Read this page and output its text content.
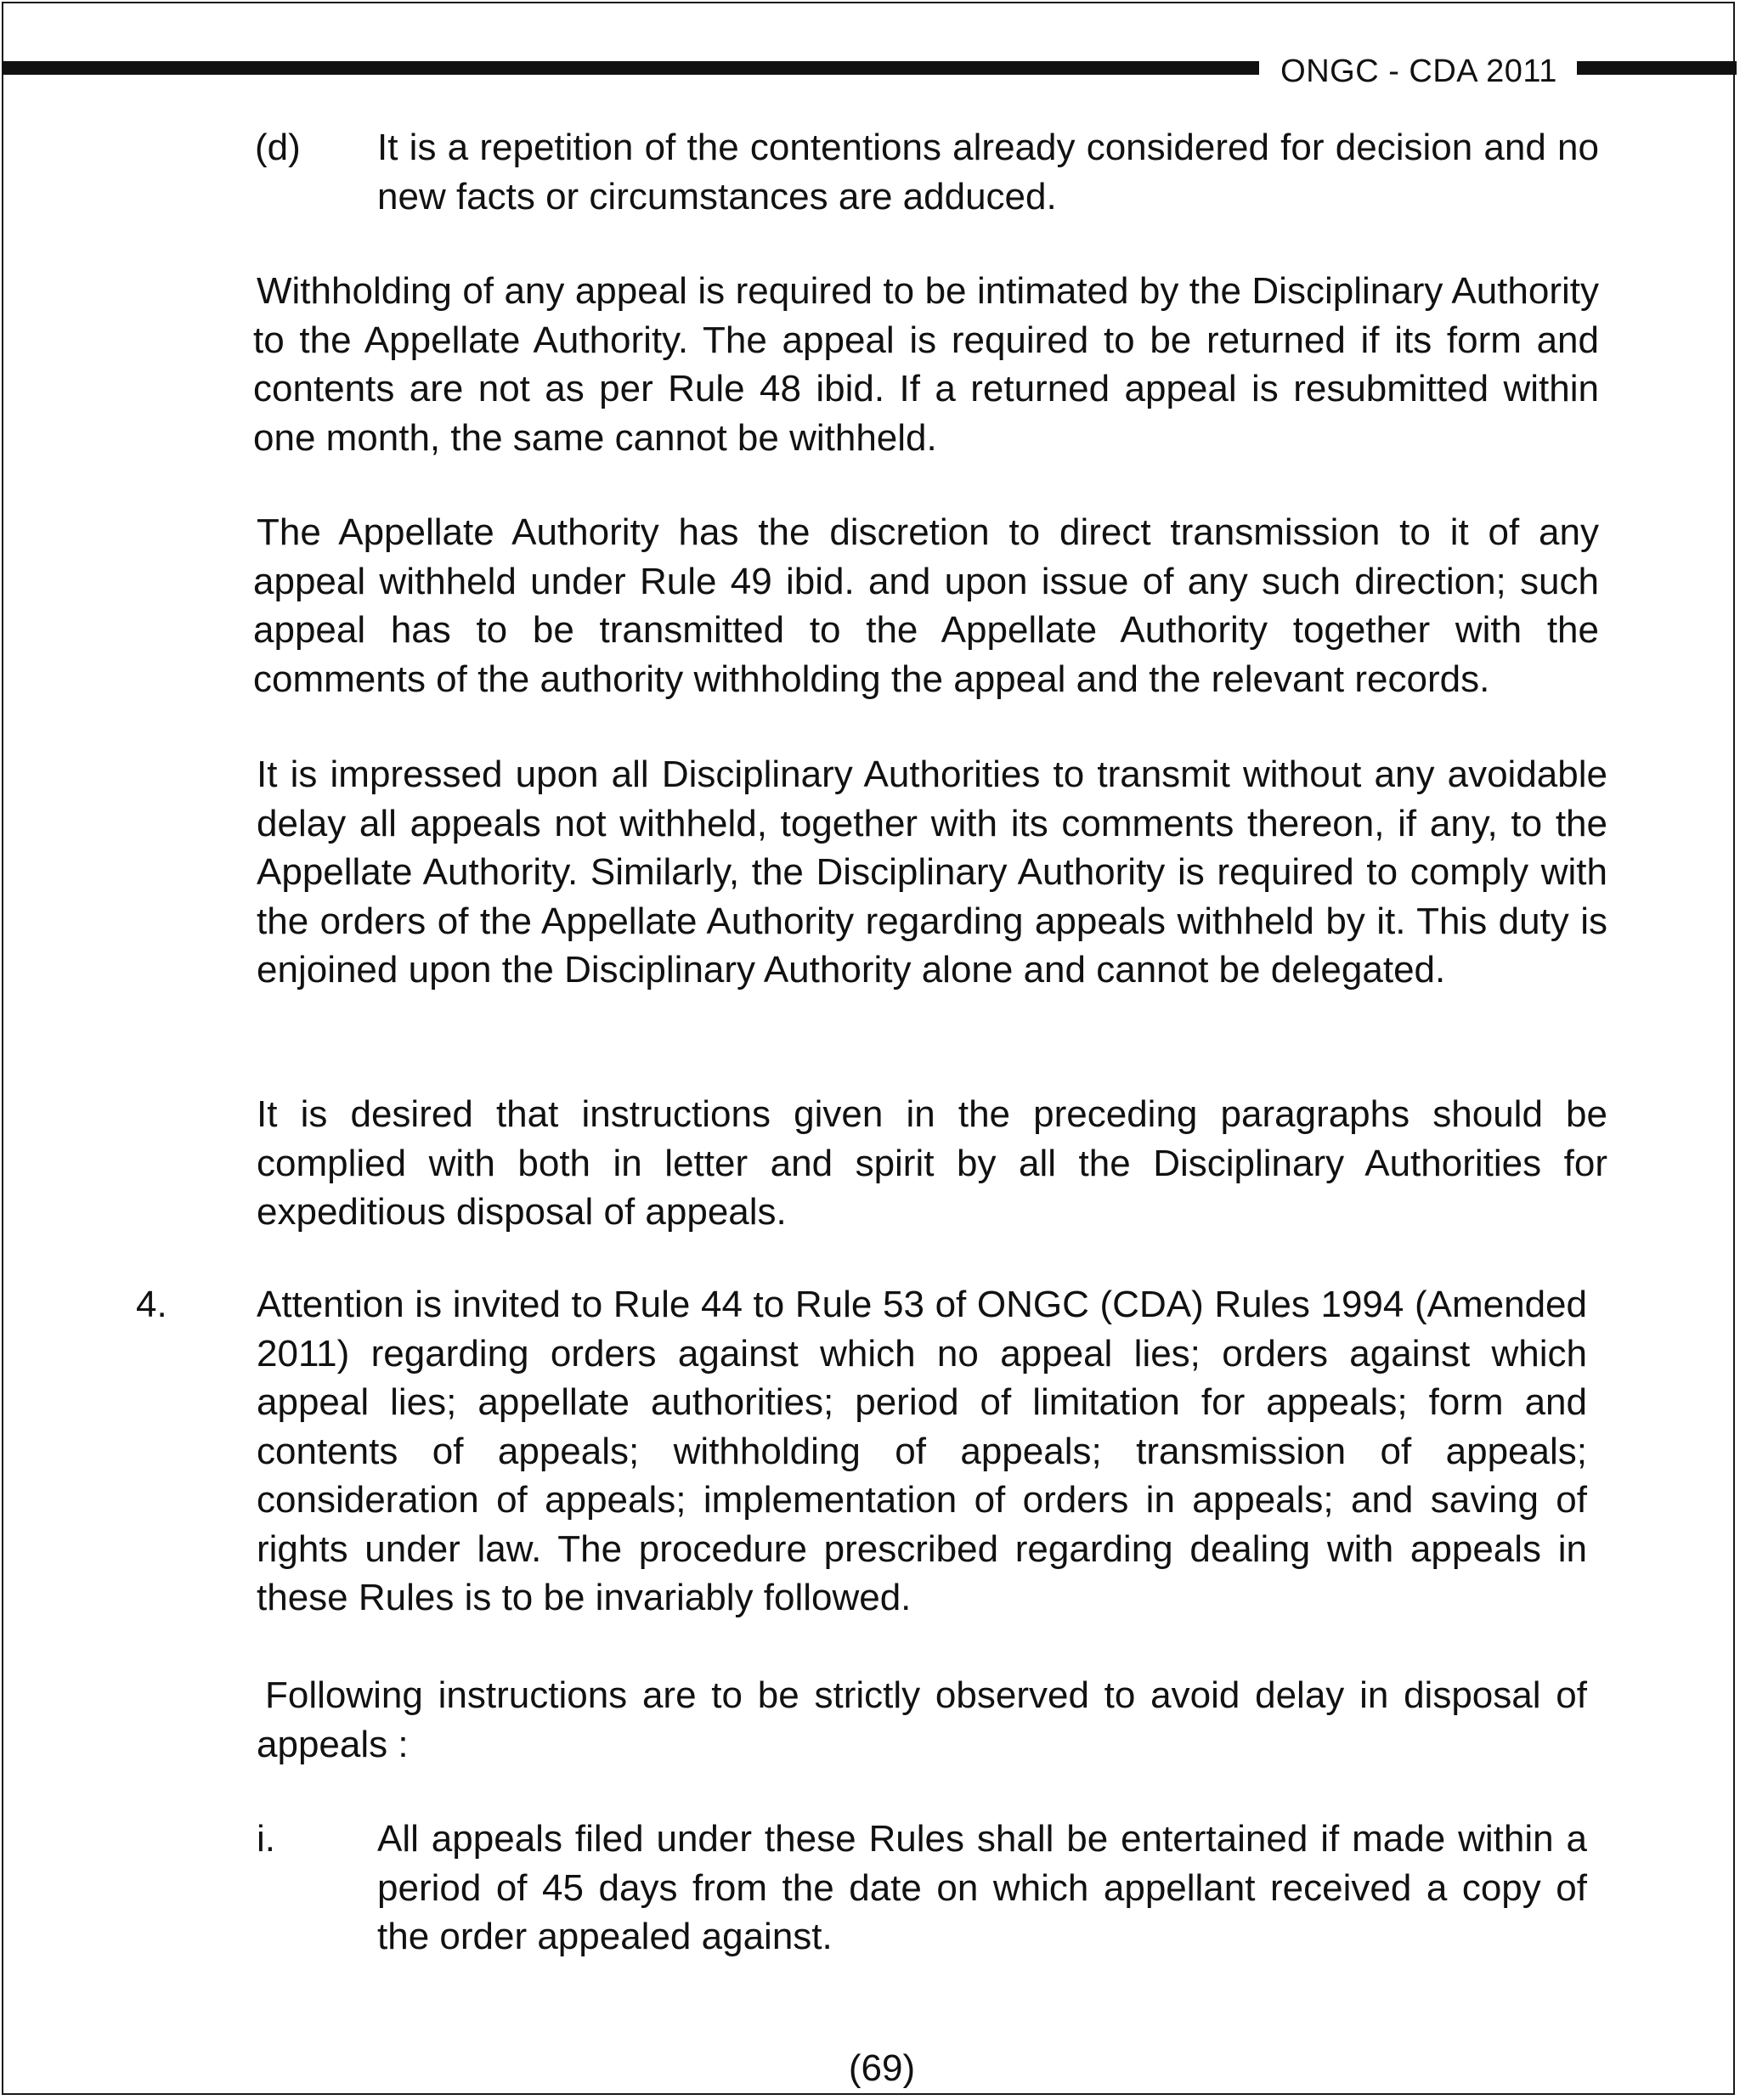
ONGC - CDA 2011
(d) It is a repetition of the contentions already considered for decision and no new facts or circumstances are adduced.
Withholding of any appeal is required to be intimated by the Disciplinary Authority to the Appellate Authority. The appeal is required to be returned if its form and contents are not as per Rule 48 ibid. If a returned appeal is resubmitted within one month, the same cannot be withheld.
The Appellate Authority has the discretion to direct transmission to it of any appeal withheld under Rule 49 ibid. and upon issue of any such direction; such appeal has to be transmitted to the Appellate Authority together with the comments of the authority withholding the appeal and the relevant records.
It is impressed upon all Disciplinary Authorities to transmit without any avoidable delay all appeals not withheld, together with its comments thereon, if any, to the Appellate Authority. Similarly, the Disciplinary Authority is required to comply with the orders of the Appellate Authority regarding appeals withheld by it. This duty is enjoined upon the Disciplinary Authority alone and cannot be delegated.
It is desired that instructions given in the preceding paragraphs should be complied with both in letter and spirit by all the Disciplinary Authorities for expeditious disposal of appeals.
4. Attention is invited to Rule 44 to Rule 53 of ONGC (CDA) Rules 1994 (Amended 2011) regarding orders against which no appeal lies; orders against which appeal lies; appellate authorities; period of limitation for appeals; form and contents of appeals; withholding of appeals; transmission of appeals; consideration of appeals; implementation of orders in appeals; and saving of rights under law. The procedure prescribed regarding dealing with appeals in these Rules is to be invariably followed.
Following instructions are to be strictly observed to avoid delay in disposal of appeals :
i.	All appeals filed under these Rules shall be entertained if made within a period of 45 days from the date on which appellant received a copy of the order appealed against.
(69)
